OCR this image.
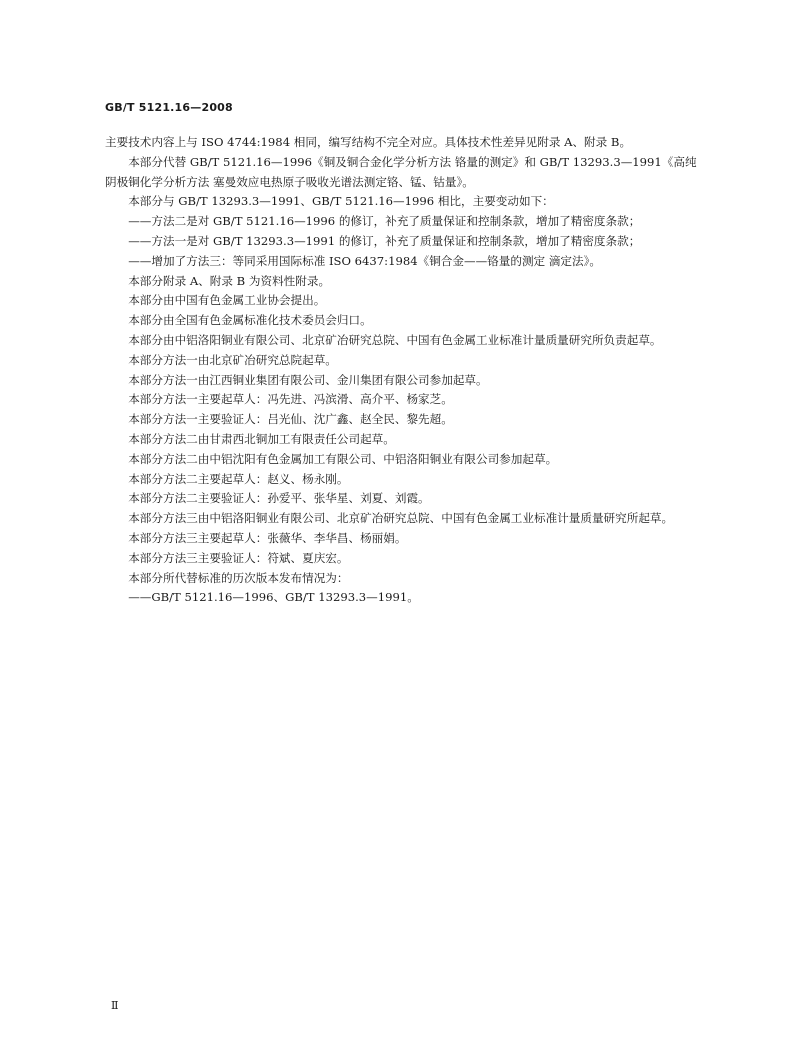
GB/T 5121.16—2008

主要技术内容上与 ISO 4744:1984 相同，编写结构不完全对应。具体技术性差异见附录 A、附录 B。

本部分代替 GB/T 5121.16—1996《铜及铜合金化学分析方法 铬量的测定》和 GB/T 13293.3—1991《高纯阴极铜化学分析方法 塞曼效应电热原子吸收光谱法测定铬、锰、钴量》。

本部分与 GB/T 13293.3—1991、GB/T 5121.16—1996 相比，主要变动如下：

——方法二是对 GB/T 5121.16—1996 的修订，补充了质量保证和控制条款，增加了精密度条款；

——方法一是对 GB/T 13293.3—1991 的修订，补充了质量保证和控制条款，增加了精密度条款；

——增加了方法三：等同采用国际标准 ISO 6437:1984《铜合金——铬量的测定 滴定法》。

本部分附录 A、附录 B 为资料性附录。

本部分由中国有色金属工业协会提出。

本部分由全国有色金属标准化技术委员会归口。

本部分由中铝洛阳铜业有限公司、北京矿冶研究总院、中国有色金属工业标准计量质量研究所负责起草。

本部分方法一由北京矿冶研究总院起草。

本部分方法一由江西铜业集团有限公司、金川集团有限公司参加起草。

本部分方法一主要起草人：冯先进、冯滨滑、高介平、杨家芝。

本部分方法一主要验证人：吕光仙、沈广鑫、赵全民、黎先超。

本部分方法二由甘肃西北铜加工有限责任公司起草。

本部分方法二由中铝沈阳有色金属加工有限公司、中铝洛阳铜业有限公司参加起草。

本部分方法二主要起草人：赵义、杨永刚。

本部分方法二主要验证人：孙爱平、张华星、刘夏、刘霞。

本部分方法三由中铝洛阳铜业有限公司、北京矿冶研究总院、中国有色金属工业标准计量质量研究所起草。

本部分方法三主要起草人：张薇华、李华昌、杨丽娟。

本部分方法三主要验证人：符斌、夏庆宏。

本部分所代替标准的历次版本发布情况为：

——GB/T 5121.16—1996、GB/T 13293.3—1991。

Ⅱ
